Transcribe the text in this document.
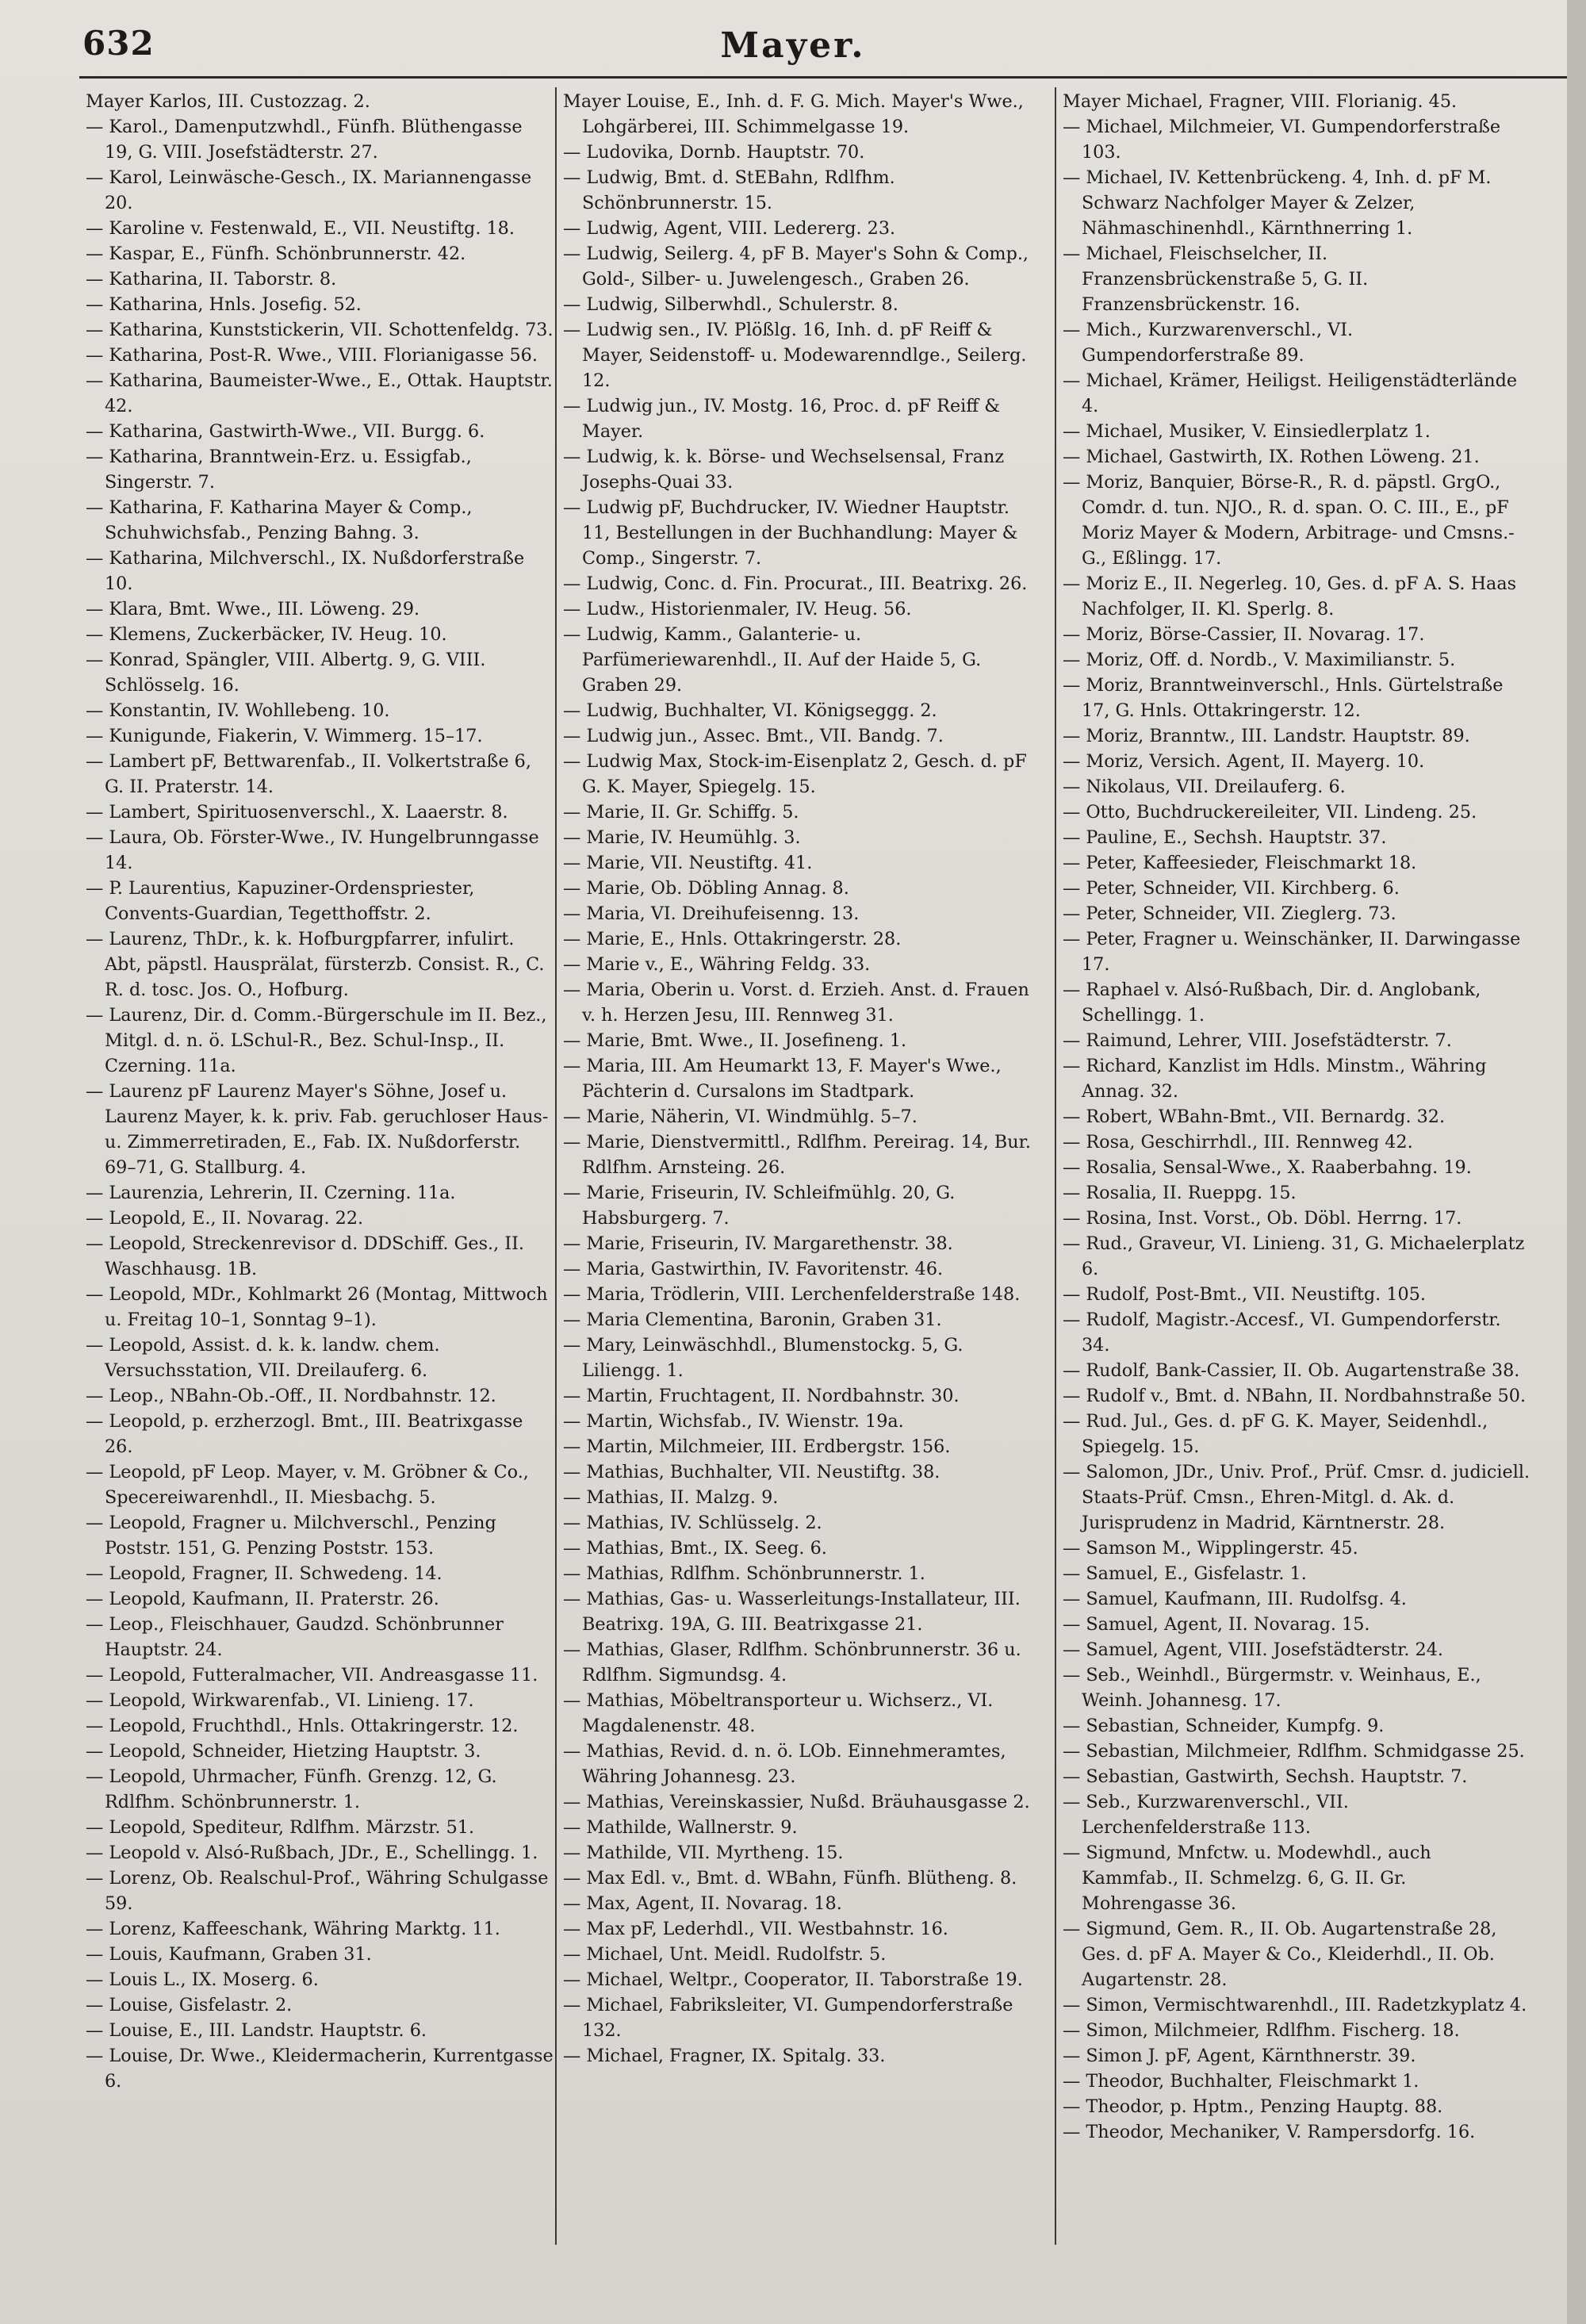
632	Mayer.

Mayer Karlos, III. Custozzag. 2.

— Karol., Damenputzwhdl., Fünfh. Blüthengasse 19, G. VIII. Josefstädterstr. 27.

— Karol, Leinwäsche-Gesch., IX. Mariannengasse 20.

— Karoline v. Festenwald, E., VII. Neustiftg. 18.

— Kaspar, E., Fünfh. Schönbrunnerstr. 42.

— Katharina, II. Taborstr. 8.

— Katharina, Hnls. Josefig. 52.

— Katharina, Kunststickerin, VII. Schottenfeldg. 73.

— Katharina, Post-R. Wwe., VIII. Florianigasse 56.

— Katharina, Baumeister-Wwe., E., Ottak. Hauptstr. 42.

— Katharina, Gastwirth-Wwe., VII. Burgg. 6.

— Katharina, Branntwein-Erz. u. Essigfab., Singerstr. 7.

— Katharina, F. Katharina Mayer & Comp., Schuhwichsfab., Penzing Bahng. 3.

— Katharina, Milchverschl., IX. Nußdorferstraße 10.

— Klara, Bmt. Wwe., III. Löweng. 29.

— Klemens, Zuckerbäcker, IV. Heug. 10.

— Konrad, Spängler, VIII. Albertg. 9, G. VIII. Schlösselg. 16.

— Konstantin, IV. Wohllebeng. 10.

— Kunigunde, Fiakerin, V. Wimmerg. 15–17.

— Lambert pF, Bettwarenfab., II. Volkertstraße 6, G. II. Praterstr. 14.

— Lambert, Spirituosenverschl., X. Laaerstr. 8.

— Laura, Ob. Förster-Wwe., IV. Hungelbrunngasse 14.

— P. Laurentius, Kapuziner-Ordenspriester, Convents-Guardian, Tegetthoffstr. 2.

— Laurenz, ThDr., k. k. Hofburgpfarrer, infulirt. Abt, päpstl. Hausprälat, fürsterzb. Consist. R., C. R. d. tosc. Jos. O., Hofburg.

— Laurenz, Dir. d. Comm.-Bürgerschule im II. Bez., Mitgl. d. n. ö. LSchul-R., Bez. Schul-Insp., II. Czerning. 11a.

— Laurenz pF Laurenz Mayer's Söhne, Josef u. Laurenz Mayer, k. k. priv. Fab. geruchloser Haus- u. Zimmerretiraden, E., Fab. IX. Nußdorferstr. 69–71, G. Stallburg. 4.

— Laurenzia, Lehrerin, II. Czerning. 11a.

— Leopold, E., II. Novarag. 22.

— Leopold, Streckenrevisor d. DDSchiff. Ges., II. Waschhausg. 1B.

— Leopold, MDr., Kohlmarkt 26 (Montag, Mittwoch u. Freitag 10–1, Sonntag 9–1).

— Leopold, Assist. d. k. k. landw. chem. Versuchsstation, VII. Dreilauferg. 6.

— Leop., NBahn-Ob.-Off., II. Nordbahnstr. 12.

— Leopold, p. erzherzogl. Bmt., III. Beatrixgasse 26.

— Leopold, pF Leop. Mayer, v. M. Gröbner & Co., Specereiwarenhdl., II. Miesbachg. 5.

— Leopold, Fragner u. Milchverschl., Penzing Poststr. 151, G. Penzing Poststr. 153.

— Leopold, Fragner, II. Schwedeng. 14.

— Leopold, Kaufmann, II. Praterstr. 26.

— Leop., Fleischhauer, Gaudzd. Schönbrunner Hauptstr. 24.

— Leopold, Futteralmacher, VII. Andreasgasse 11.

— Leopold, Wirkwarenfab., VI. Linieng. 17.

— Leopold, Fruchthdl., Hnls. Ottakringerstr. 12.

— Leopold, Schneider, Hietzing Hauptstr. 3.

— Leopold, Uhrmacher, Fünfh. Grenzg. 12, G. Rdlfhm. Schönbrunnerstr. 1.

— Leopold, Spediteur, Rdlfhm. Märzstr. 51.

— Leopold v. Alsó-Rußbach, JDr., E., Schellingg. 1.

— Lorenz, Ob. Realschul-Prof., Währing Schulgasse 59.

— Lorenz, Kaffeeschank, Währing Marktg. 11.

— Louis, Kaufmann, Graben 31.

— Louis L., IX. Moserg. 6.

— Louise, Gisfelastr. 2.

— Louise, E., III. Landstr. Hauptstr. 6.

— Louise, Dr. Wwe., Kleidermacherin, Kurrentgasse 6.

Mayer Louise, E., Inh. d. F. G. Mich. Mayer's Wwe., Lohgärberei, III. Schimmelgasse 19.

— Ludovika, Dornb. Hauptstr. 70.

— Ludwig, Bmt. d. StEBahn, Rdlfhm. Schönbrunnerstr. 15.

— Ludwig, Agent, VIII. Ledererg. 23.

— Ludwig, Seilerg. 4, pF B. Mayer's Sohn & Comp., Gold-, Silber- u. Juwelengesch., Graben 26.

— Ludwig, Silberwhdl., Schulerstr. 8.

— Ludwig sen., IV. Plößlg. 16, Inh. d. pF Reiff & Mayer, Seidenstoff- u. Modewarenndlge., Seilerg. 12.

— Ludwig jun., IV. Mostg. 16, Proc. d. pF Reiff & Mayer.

— Ludwig, k. k. Börse- und Wechselsensal, Franz Josephs-Quai 33.

— Ludwig pF, Buchdrucker, IV. Wiedner Hauptstr. 11, Bestellungen in der Buchhandlung: Mayer & Comp., Singerstr. 7.

— Ludwig, Conc. d. Fin. Procurat., III. Beatrixg. 26.

— Ludw., Historienmaler, IV. Heug. 56.

— Ludwig, Kamm., Galanterie- u. Parfümeriewarenhdl., II. Auf der Haide 5, G. Graben 29.

— Ludwig, Buchhalter, VI. Königseggg. 2.

— Ludwig jun., Assec. Bmt., VII. Bandg. 7.

— Ludwig Max, Stock-im-Eisenplatz 2, Gesch. d. pF G. K. Mayer, Spiegelg. 15.

— Marie, II. Gr. Schiffg. 5.

— Marie, IV. Heumühlg. 3.

— Marie, VII. Neustiftg. 41.

— Marie, Ob. Döbling Annag. 8.

— Maria, VI. Dreihufeisenng. 13.

— Marie, E., Hnls. Ottakringerstr. 28.

— Marie v., E., Währing Feldg. 33.

— Maria, Oberin u. Vorst. d. Erzieh. Anst. d. Frauen v. h. Herzen Jesu, III. Rennweg 31.

— Marie, Bmt. Wwe., II. Josefineng. 1.

— Maria, III. Am Heumarkt 13, F. Mayer's Wwe., Pächterin d. Cursalons im Stadtpark.

— Marie, Näherin, VI. Windmühlg. 5–7.

— Marie, Dienstvermittl., Rdlfhm. Pereirag. 14, Bur. Rdlfhm. Arnsteing. 26.

— Marie, Friseurin, IV. Schleifmühlg. 20, G. Habsburgerg. 7.

— Marie, Friseurin, IV. Margarethenstr. 38.

— Maria, Gastwirthin, IV. Favoritenstr. 46.

— Maria, Trödlerin, VIII. Lerchenfelderstraße 148.

— Maria Clementina, Baronin, Graben 31.

— Mary, Leinwäschhdl., Blumenstockg. 5, G. Liliengg. 1.

— Martin, Fruchtagent, II. Nordbahnstr. 30.

— Martin, Wichsfab., IV. Wienstr. 19a.

— Martin, Milchmeier, III. Erdbergstr. 156.

— Mathias, Buchhalter, VII. Neustiftg. 38.

— Mathias, II. Malzg. 9.

— Mathias, IV. Schlüsselg. 2.

— Mathias, Bmt., IX. Seeg. 6.

— Mathias, Rdlfhm. Schönbrunnerstr. 1.

— Mathias, Gas- u. Wasserleitungs-Installateur, III. Beatrixg. 19A, G. III. Beatrixgasse 21.

— Mathias, Glaser, Rdlfhm. Schönbrunnerstr. 36 u. Rdlfhm. Sigmundsg. 4.

— Mathias, Möbeltransporteur u. Wichserz., VI. Magdalenenstr. 48.

— Mathias, Revid. d. n. ö. LOb. Einnehmeramtes, Währing Johannesg. 23.

— Mathias, Vereinskassier, Nußd. Bräuhausgasse 2.

— Mathilde, Wallnerstr. 9.

— Mathilde, VII. Myrtheng. 15.

— Max Edl. v., Bmt. d. WBahn, Fünfh. Blütheng. 8.

— Max, Agent, II. Novarag. 18.

— Max pF, Lederhdl., VII. Westbahnstr. 16.

— Michael, Unt. Meidl. Rudolfstr. 5.

— Michael, Weltpr., Cooperator, II. Taborstraße 19.

— Michael, Fabriksleiter, VI. Gumpendorferstraße 132.

— Michael, Fragner, IX. Spitalg. 33.

Mayer Michael, Fragner, VIII. Florianig. 45.

— Michael, Milchmeier, VI. Gumpendorferstraße 103.

— Michael, IV. Kettenbrückeng. 4, Inh. d. pF M. Schwarz Nachfolger Mayer & Zelzer, Nähmaschinenhdl., Kärnthnerring 1.

— Michael, Fleischselcher, II. Franzensbrückenstraße 5, G. II. Franzensbrückenstr. 16.

— Mich., Kurzwarenverschl., VI. Gumpendorferstraße 89.

— Michael, Krämer, Heiligst. Heiligenstädterlände 4.

— Michael, Musiker, V. Einsiedlerplatz 1.

— Michael, Gastwirth, IX. Rothen Löweng. 21.

— Moriz, Banquier, Börse-R., R. d. päpstl. GrgO., Comdr. d. tun. NJO., R. d. span. O. C. III., E., pF Moriz Mayer & Modern, Arbitrage- und Cmsns.-G., Eßlingg. 17.

— Moriz E., II. Negerleg. 10, Ges. d. pF A. S. Haas Nachfolger, II. Kl. Sperlg. 8.

— Moriz, Börse-Cassier, II. Novarag. 17.

— Moriz, Off. d. Nordb., V. Maximilianstr. 5.

— Moriz, Branntweinverschl., Hnls. Gürtelstraße 17, G. Hnls. Ottakringerstr. 12.

— Moriz, Branntw., III. Landstr. Hauptstr. 89.

— Moriz, Versich. Agent, II. Mayerg. 10.

— Nikolaus, VII. Dreilauferg. 6.

— Otto, Buchdruckereileiter, VII. Lindeng. 25.

— Pauline, E., Sechsh. Hauptstr. 37.

— Peter, Kaffeesieder, Fleischmarkt 18.

— Peter, Schneider, VII. Kirchberg. 6.

— Peter, Schneider, VII. Zieglerg. 73.

— Peter, Fragner u. Weinschänker, II. Darwingasse 17.

— Raphael v. Alsó-Rußbach, Dir. d. Anglobank, Schellingg. 1.

— Raimund, Lehrer, VIII. Josefstädterstr. 7.

— Richard, Kanzlist im Hdls. Minstm., Währing Annag. 32.

— Robert, WBahn-Bmt., VII. Bernardg. 32.

— Rosa, Geschirrhdl., III. Rennweg 42.

— Rosalia, Sensal-Wwe., X. Raaberbahng. 19.

— Rosalia, II. Rueppg. 15.

— Rosina, Inst. Vorst., Ob. Döbl. Herrng. 17.

— Rud., Graveur, VI. Linieng. 31, G. Michaelerplatz 6.

— Rudolf, Post-Bmt., VII. Neustiftg. 105.

— Rudolf, Magistr.-Accesf., VI. Gumpendorferstr. 34.

— Rudolf, Bank-Cassier, II. Ob. Augartenstraße 38.

— Rudolf v., Bmt. d. NBahn, II. Nordbahnstraße 50.

— Rud. Jul., Ges. d. pF G. K. Mayer, Seidenhdl., Spiegelg. 15.

— Salomon, JDr., Univ. Prof., Prüf. Cmsr. d. judiciell. Staats-Prüf. Cmsn., Ehren-Mitgl. d. Ak. d. Jurisprudenz in Madrid, Kärntnerstr. 28.

— Samson M., Wipplingerstr. 45.

— Samuel, E., Gisfelastr. 1.

— Samuel, Kaufmann, III. Rudolfsg. 4.

— Samuel, Agent, II. Novarag. 15.

— Samuel, Agent, VIII. Josefstädterstr. 24.

— Seb., Weinhdl., Bürgermstr. v. Weinhaus, E., Weinh. Johannesg. 17.

— Sebastian, Schneider, Kumpfg. 9.

— Sebastian, Milchmeier, Rdlfhm. Schmidgasse 25.

— Sebastian, Gastwirth, Sechsh. Hauptstr. 7.

— Seb., Kurzwarenverschl., VII. Lerchenfelderstraße 113.

— Sigmund, Mnfctw. u. Modewhdl., auch Kammfab., II. Schmelzg. 6, G. II. Gr. Mohrengasse 36.

— Sigmund, Gem. R., II. Ob. Augartenstraße 28, Ges. d. pF A. Mayer & Co., Kleiderhdl., II. Ob. Augartenstr. 28.

— Simon, Vermischtwarenhdl., III. Radetzkyplatz 4.

— Simon, Milchmeier, Rdlfhm. Fischerg. 18.

— Simon J. pF, Agent, Kärnthnerstr. 39.

— Theodor, Buchhalter, Fleischmarkt 1.

— Theodor, p. Hptm., Penzing Hauptg. 88.

— Theodor, Mechaniker, V. Rampersdorfg. 16.
